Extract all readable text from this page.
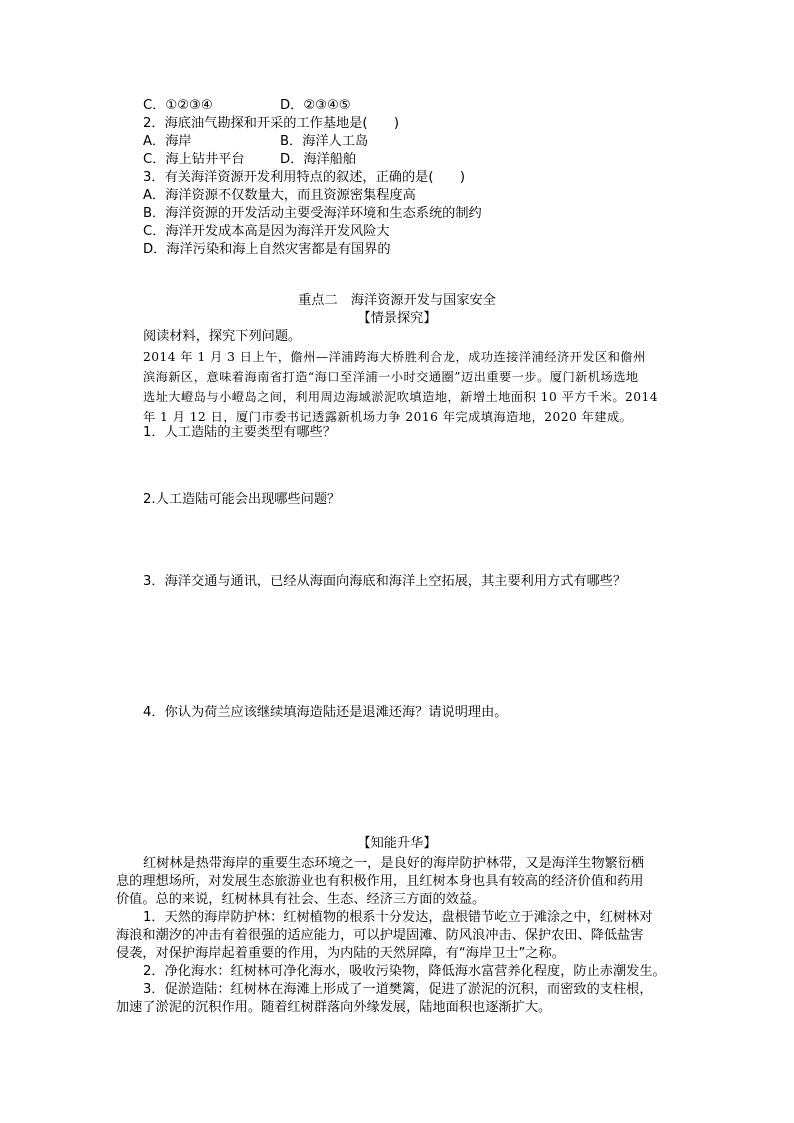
C．①②③④	D．②③④⑤
2．海底油气勘探和开采的工作基地是(　　)
A．海岸	B．海洋人工岛
C．海上钻井平台	D．海洋船舶
3．有关海洋资源开发利用特点的叙述，正确的是(　　)
A．海洋资源不仅数量大，而且资源密集程度高
B．海洋资源的开发活动主要受海洋环境和生态系统的制约
C．海洋开发成本高是因为海洋开发风险大
D．海洋污染和海上自然灾害都是有国界的
重点二　海洋资源开发与国家安全
【情景探究】
阅读材料，探究下列问题。
2014 年 1 月 3 日上午，儋州—洋浦跨海大桥胜利合龙，成功连接洋浦经济开发区和儋州
滨海新区，意味着海南省打造“海口至洋浦一小时交通圈”迈出重要一步。厦门新机场选地
选址大嶝岛与小嶝岛之间，利用周边海域淤泥吹填造地，新增土地面积 10 平方千米。2014
年 1 月 12 日，厦门市委书记透露新机场力争 2016 年完成填海造地，2020 年建成。
1．人工造陆的主要类型有哪些？
2.人工造陆可能会出现哪些问题？
3．海洋交通与通讯，已经从海面向海底和海洋上空拓展，其主要利用方式有哪些？
4．你认为荷兰应该继续填海造陆还是退滩还海？请说明理由。
【知能升华】
红树林是热带海岸的重要生态环境之一，是良好的海岸防护林带，又是海洋生物繁衍栖
息的理想场所，对发展生态旅游业也有积极作用，且红树本身也具有较高的经济价值和药用
价值。总的来说，红树林具有社会、生态、经济三方面的效益。
1．天然的海岸防护林：红树植物的根系十分发达，盘根错节屹立于滩涂之中，红树林对
海浪和潮汐的冲击有着很强的适应能力，可以护堤固滩、防风浪冲击、保护农田、降低盐害
侵袭，对保护海岸起着重要的作用，为内陆的天然屏障，有“海岸卫士”之称。
2．净化海水：红树林可净化海水，吸收污染物，降低海水富营养化程度，防止赤潮发生。
3．促淤造陆：红树林在海滩上形成了一道樊篱，促进了淤泥的沉积，而密致的支柱根，
加速了淤泥的沉积作用。随着红树群落向外缘发展，陆地面积也逐渐扩大。
